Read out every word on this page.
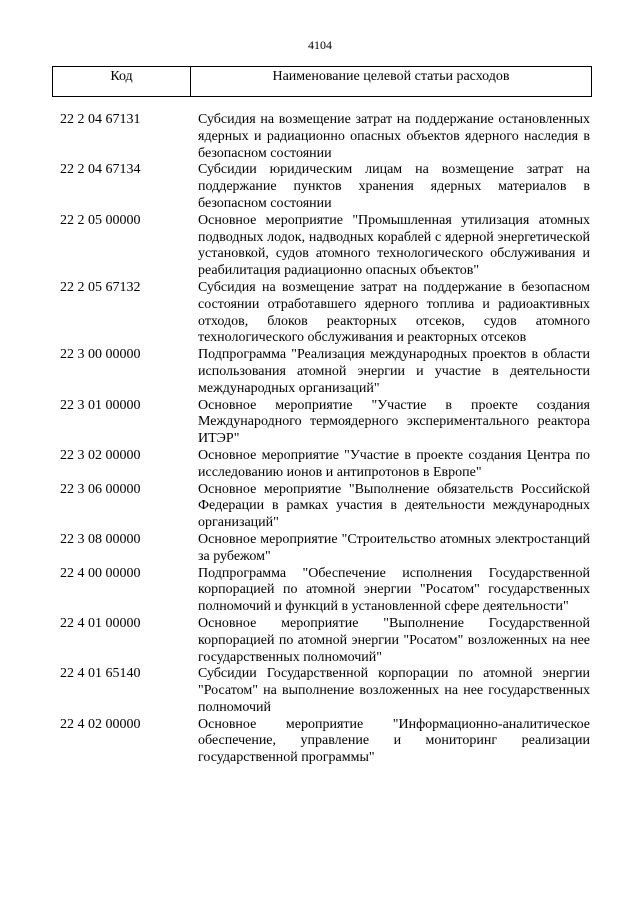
4104
Код	Наименование целевой статьи расходов
22 2 04 67131	Субсидия на возмещение затрат на поддержание остановленных ядерных и радиационно опасных объектов ядерного наследия в безопасном состоянии
22 2 04 67134	Субсидии юридическим лицам на возмещение затрат на поддержание пунктов хранения ядерных материалов в безопасном состоянии
22 2 05 00000	Основное мероприятие "Промышленная утилизация атомных подводных лодок, надводных кораблей с ядерной энергетической установкой, судов атомного технологического обслуживания и реабилитация радиационно опасных объектов"
22 2 05 67132	Субсидия на возмещение затрат на поддержание в безопасном состоянии отработавшего ядерного топлива и радиоактивных отходов, блоков реакторных отсеков, судов атомного технологического обслуживания и реакторных отсеков
22 3 00 00000	Подпрограмма "Реализация международных проектов в области использования атомной энергии и участие в деятельности международных организаций"
22 3 01 00000	Основное мероприятие "Участие в проекте создания Международного термоядерного экспериментального реактора ИТЭР"
22 3 02 00000	Основное мероприятие "Участие в проекте создания Центра по исследованию ионов и антипротонов в Европе"
22 3 06 00000	Основное мероприятие "Выполнение обязательств Российской Федерации в рамках участия в деятельности международных организаций"
22 3 08 00000	Основное мероприятие "Строительство атомных электростанций за рубежом"
22 4 00 00000	Подпрограмма "Обеспечение исполнения Государственной корпорацией по атомной энергии "Росатом" государственных полномочий и функций в установленной сфере деятельности"
22 4 01 00000	Основное мероприятие "Выполнение Государственной корпорацией по атомной энергии "Росатом" возложенных на нее государственных полномочий"
22 4 01 65140	Субсидии Государственной корпорации по атомной энергии "Росатом" на выполнение возложенных на нее государственных полномочий
22 4 02 00000	Основное мероприятие "Информационно-аналитическое обеспечение, управление и мониторинг реализации государственной программы"
